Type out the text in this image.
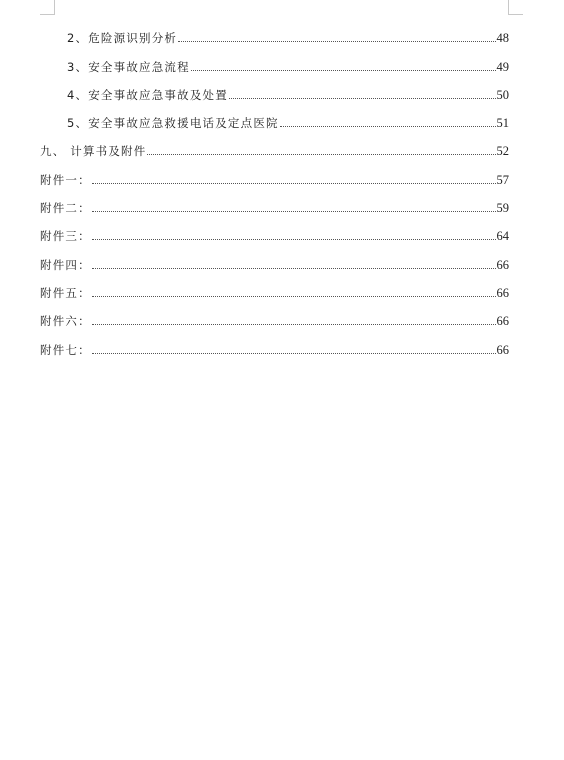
2、危险源识别分析	48
3、安全事故应急流程	49
4、安全事故应急事故及处置	50
5、安全事故应急救援电话及定点医院	51
九、 计算书及附件	52
附件一：	57
附件二：	59
附件三：	64
附件四：	66
附件五：	66
附件六：	66
附件七：	66
